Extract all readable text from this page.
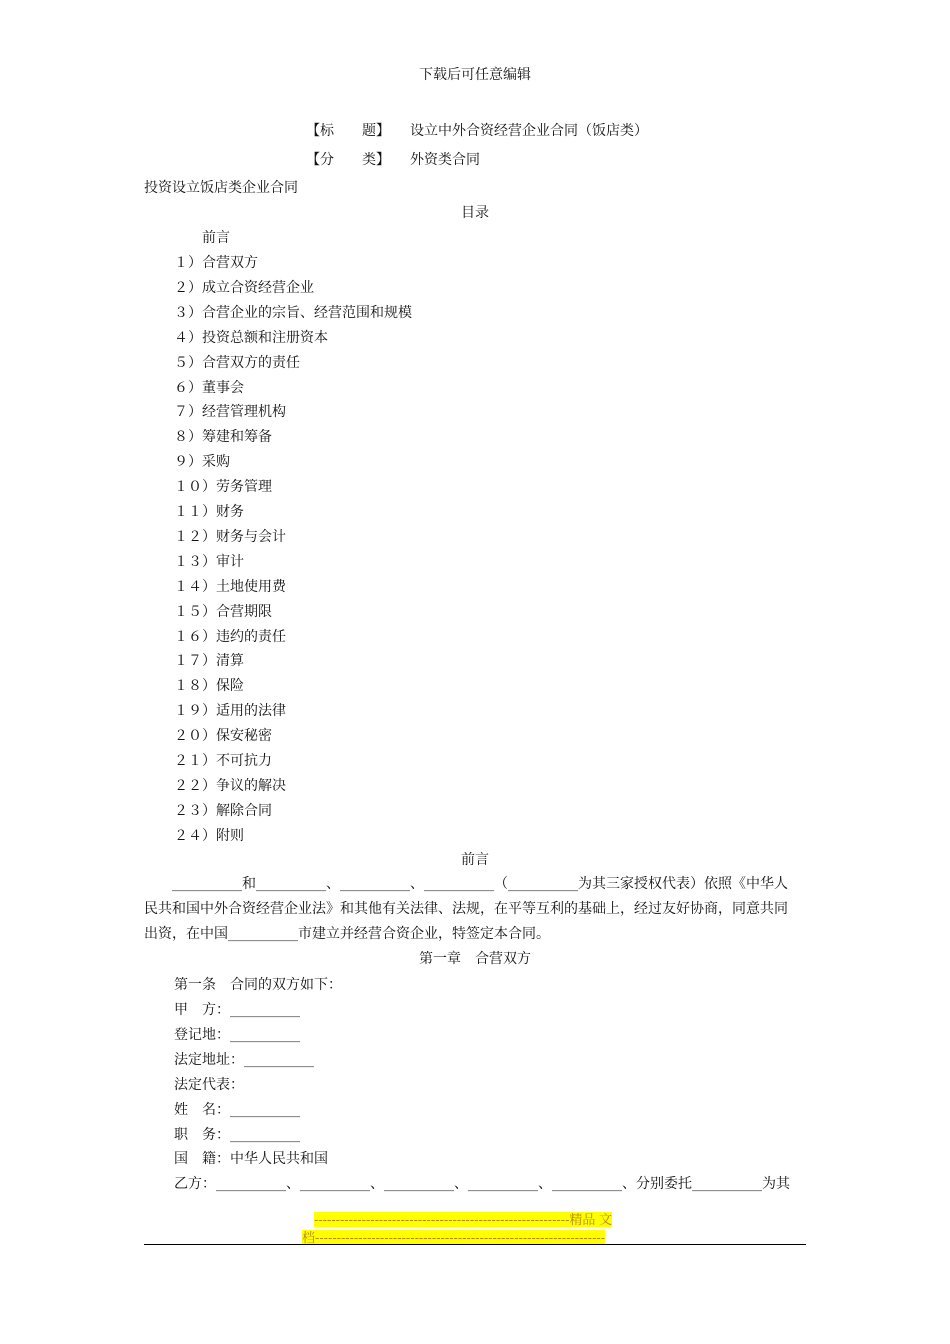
下载后可任意编辑
【标　　题】 设立中外合资经营企业合同（饭店类）
【分　　类】 外资类合同
投资设立饭店类企业合同
目录
前言
１）合营双方
２）成立合资经营企业
３）合营企业的宗旨、经营范围和规模
４）投资总额和注册资本
５）合营双方的责任
６）董事会
７）经营管理机构
８）筹建和筹备
９）采购
１０）劳务管理
１１）财务
１２）财务与会计
１３）审计
１４）土地使用费
１５）合营期限
１６）违约的责任
１７）清算
１８）保险
１９）适用的法律
２０）保安秘密
２１）不可抗力
２２）争议的解决
２３）解除合同
２４）附则
前言
　　__________和__________、__________、__________（__________为其三家授权代表）依照《中华人
民共和国中外合资经营企业法》和其他有关法律、法规，在平等互利的基础上，经过友好协商，同意共同
出资，在中国__________市建立并经营合资企业，特签定本合同。
第一章　合营双方
第一条　合同的双方如下：
甲　方：__________
登记地：__________
法定地址：__________
法定代表：
姓　名：__________
职　务：__________
国　籍：中华人民共和国
乙方：__________、__________、__________、__________、__________、分别委托__________为其
-----------------------------------------------------------精品 文
档-------------------------------------------------------------------
